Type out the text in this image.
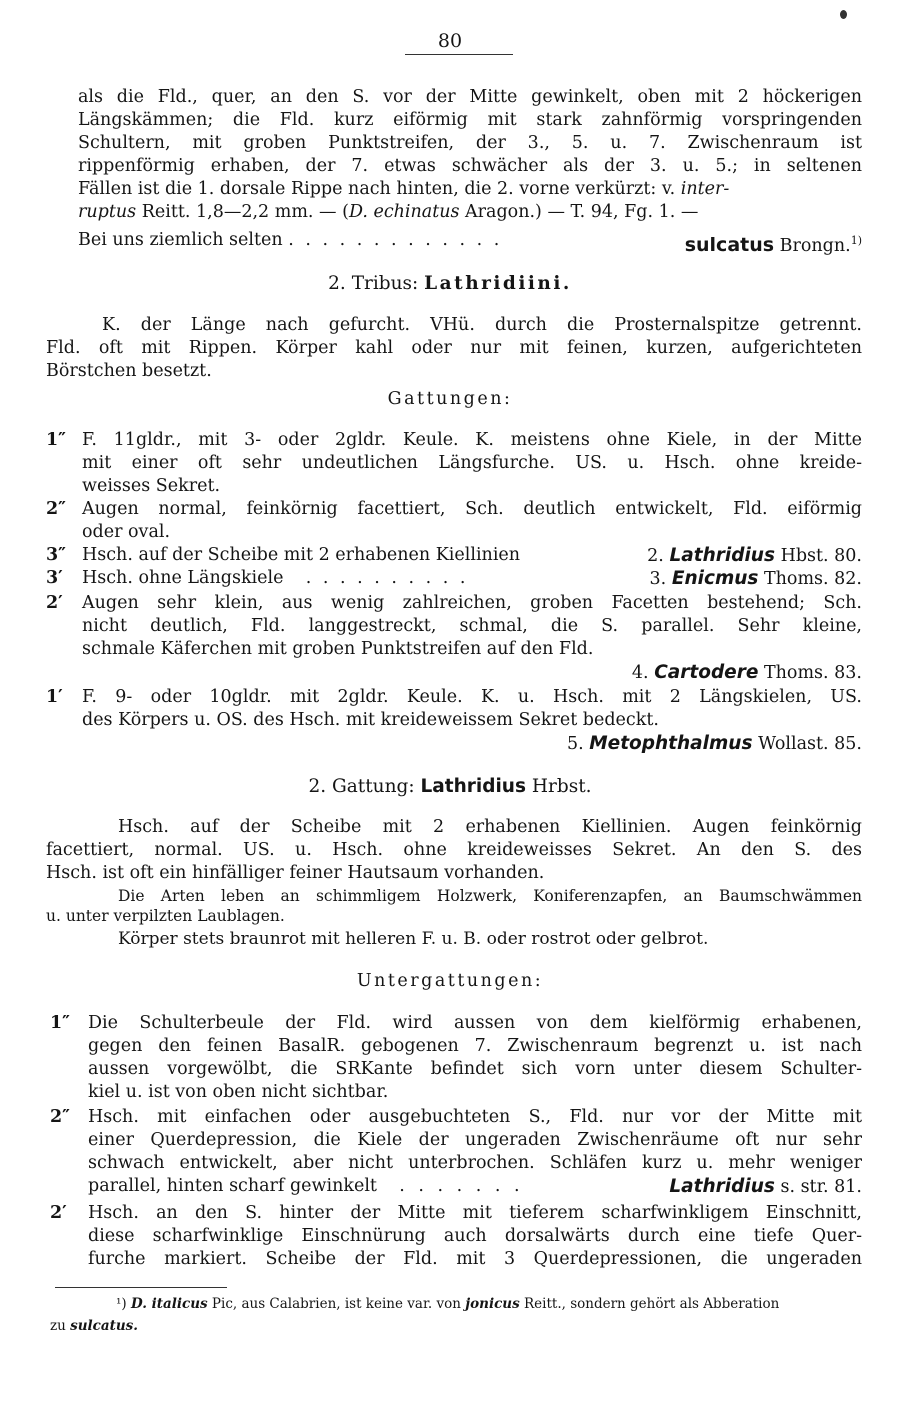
80
als die Fld., quer, an den S. vor der Mitte gewinkelt, oben mit 2 höckerigen
Längskämmen; die Fld. kurz eiförmig mit stark zahnförmig vorspringenden
Schultern, mit groben Punktstreifen, der 3., 5. u. 7. Zwischenraum ist
rippenförmig erhaben, der 7. etwas schwächer als der 3. u. 5.; in seltenen
Fällen ist die 1. dorsale Rippe nach hinten, die 2. vorne verkürzt: v. inter-
ruptus Reitt. 1,8—2,2 mm. — (D. echinatus Aragon.) — T. 94, Fg. 1. —
Bei uns ziemlich selten . . . . . . . . . . . . .	sulcatus Brongn.$^{1)}$
2. Tribus: Lathridiini.
K. der Länge nach gefurcht. VHü. durch die Prosternalspitze getrennt.
Fld. oft mit Rippen. Körper kahl oder nur mit feinen, kurzen, aufgerichteten
Börstchen besetzt.
Gattungen:
1″ F. 11gldr., mit 3- oder 2gldr. Keule. K. meistens ohne Kiele, in der Mitte
mit einer oft sehr undeutlichen Längsfurche. US. u. Hsch. ohne kreide-
weisses Sekret.
2″ Augen normal, feinkörnig facettiert, Sch. deutlich entwickelt, Fld. eiförmig
oder oval.
3″ Hsch. auf der Scheibe mit 2 erhabenen Kiellinien	2. Lathridius Hbst. 80.
3′ Hsch. ohne Längskiele . . . . . . . . . .	3. Enicmus Thoms. 82.
2′ Augen sehr klein, aus wenig zahlreichen, groben Facetten bestehend; Sch.
nicht deutlich, Fld. langgestreckt, schmal, die S. parallel. Sehr kleine,
schmale Käferchen mit groben Punktstreifen auf den Fld.
4. Cartodere Thoms. 83.
1′ F. 9- oder 10gldr. mit 2gldr. Keule. K. u. Hsch. mit 2 Längskielen, US.
des Körpers u. OS. des Hsch. mit kreideweissem Sekret bedeckt.
5. Metophthalmus Wollast. 85.
2. Gattung: Lathridius Hrbst.
Hsch. auf der Scheibe mit 2 erhabenen Kiellinien. Augen feinkörnig
facettiert, normal. US. u. Hsch. ohne kreideweisses Sekret. An den S. des
Hsch. ist oft ein hinfälliger feiner Hautsaum vorhanden.
Die Arten leben an schimmligem Holzwerk, Koniferenzapfen, an Baumschwämmen
u. unter verpilzten Laublagen.
Körper stets braunrot mit helleren F. u. B. oder rostrot oder gelbrot.
Untergattungen:
1″ Die Schulterbeule der Fld. wird aussen von dem kielförmig erhabenen,
gegen den feinen BasalR. gebogenen 7. Zwischenraum begrenzt u. ist nach
aussen vorgewölbt, die SRKante befindet sich vorn unter diesem Schulter-
kiel u. ist von oben nicht sichtbar.
2″ Hsch. mit einfachen oder ausgebuchteten S., Fld. nur vor der Mitte mit
einer Querdepression, die Kiele der ungeraden Zwischenräume oft nur sehr
schwach entwickelt, aber nicht unterbrochen. Schläfen kurz u. mehr weniger
parallel, hinten scharf gewinkelt . . . . . . .	Lathridius s. str. 81.
2′ Hsch. an den S. hinter der Mitte mit tieferem scharfwinkligem Einschnitt,
diese scharfwinklige Einschnürung auch dorsalwärts durch eine tiefe Quer-
furche markiert. Scheibe der Fld. mit 3 Querdepressionen, die ungeraden
¹) D. italicus Pic, aus Calabrien, ist keine var. von jonicus Reitt., sondern gehört als Abberation
zu sulcatus.
